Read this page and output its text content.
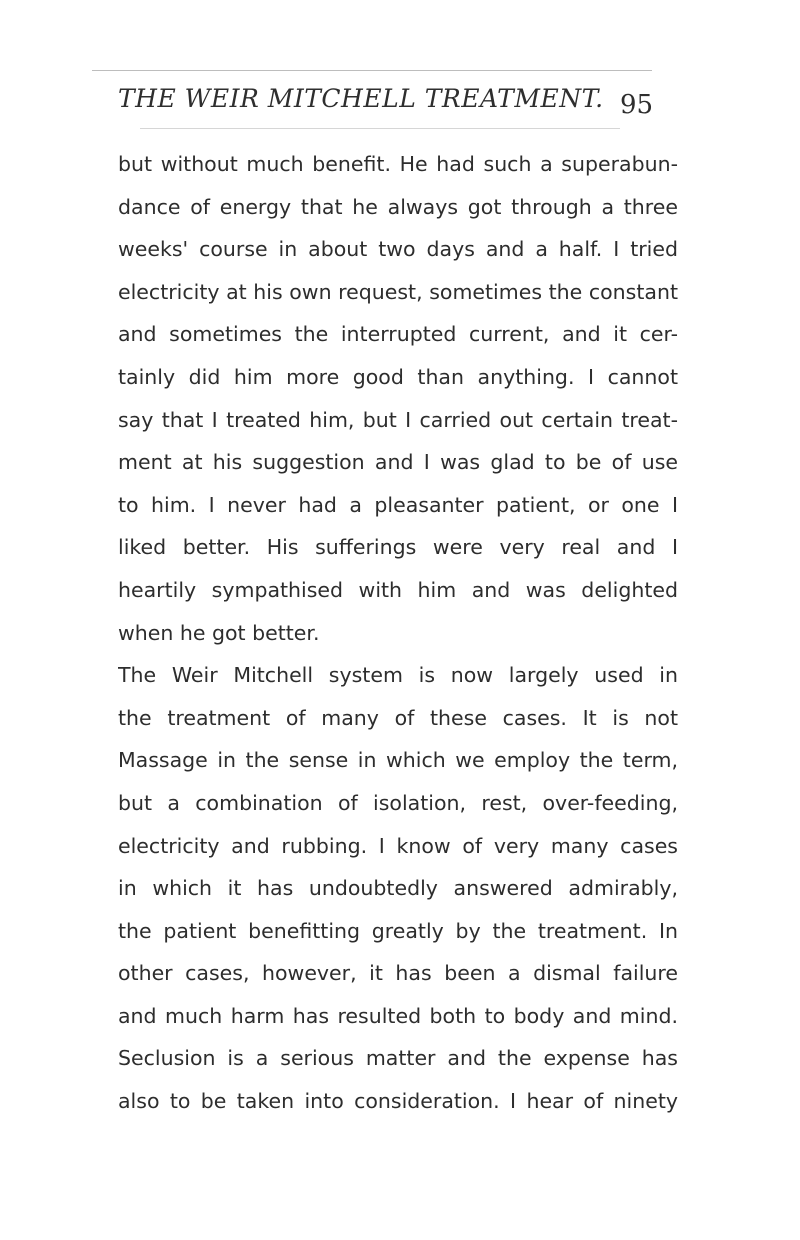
THE WEIR MITCHELL TREATMENT. 95
but without much benefit. He had such a superabun-
dance of energy that he always got through a three
weeks' course in about two days and a half. I tried
electricity at his own request, sometimes the constant
and sometimes the interrupted current, and it cer-
tainly did him more good than anything. I cannot
say that I treated him, but I carried out certain treat-
ment at his suggestion and I was glad to be of use
to him. I never had a pleasanter patient, or one I
liked better. His sufferings were very real and I
heartily sympathised with him and was delighted
when he got better.
The Weir Mitchell system is now largely used in
the treatment of many of these cases. It is not
Massage in the sense in which we employ the term,
but a combination of isolation, rest, over-feeding,
electricity and rubbing. I know of very many cases
in which it has undoubtedly answered admirably,
the patient benefitting greatly by the treatment. In
other cases, however, it has been a dismal failure
and much harm has resulted both to body and mind.
Seclusion is a serious matter and the expense has
also to be taken into consideration. I hear of ninety
